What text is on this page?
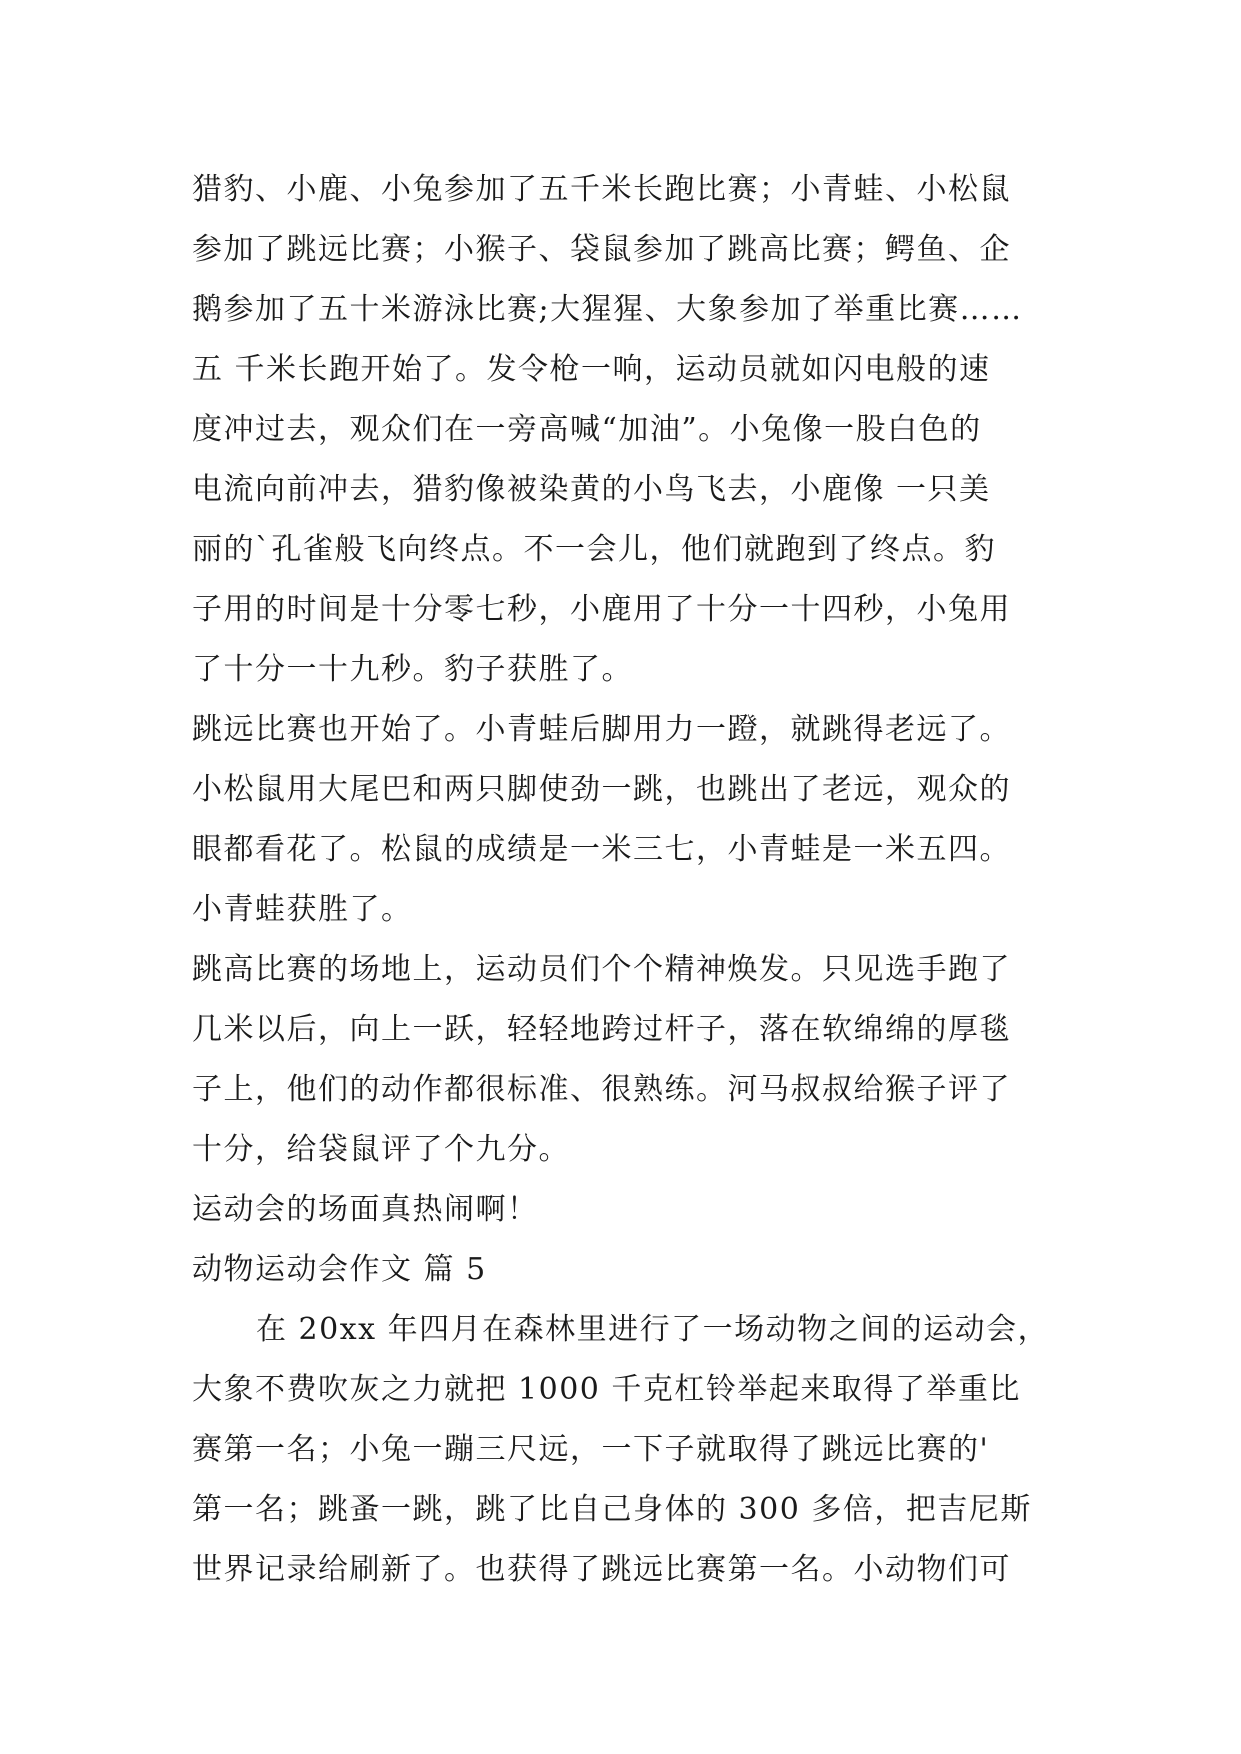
猎豹、小鹿、小兔参加了五千米长跑比赛；小青蛙、小松鼠
参加了跳远比赛；小猴子、袋鼠参加了跳高比赛；鳄鱼、企
鹅参加了五十米游泳比赛;大猩猩、大象参加了举重比赛……
五 千米长跑开始了。发令枪一响，运动员就如闪电般的速
度冲过去，观众们在一旁高喊“加油”。小兔像一股白色的
电流向前冲去，猎豹像被染黄的小鸟飞去，小鹿像 一只美
丽的`孔雀般飞向终点。不一会儿，他们就跑到了终点。豹
子用的时间是十分零七秒，小鹿用了十分一十四秒，小兔用
了十分一十九秒。豹子获胜了。
跳远比赛也开始了。小青蛙后脚用力一蹬，就跳得老远了。
小松鼠用大尾巴和两只脚使劲一跳，也跳出了老远，观众的
眼都看花了。松鼠的成绩是一米三七，小青蛙是一米五四。
小青蛙获胜了。
跳高比赛的场地上，运动员们个个精神焕发。只见选手跑了
几米以后，向上一跃，轻轻地跨过杆子，落在软绵绵的厚毯
子上，他们的动作都很标准、很熟练。河马叔叔给猴子评了
十分，给袋鼠评了个九分。
运动会的场面真热闹啊！
动物运动会作文 篇 5
在 20xx 年四月在森林里进行了一场动物之间的运动会，
大象不费吹灰之力就把 1000 千克杠铃举起来取得了举重比
赛第一名；小兔一蹦三尺远，一下子就取得了跳远比赛的'
第一名；跳蚤一跳，跳了比自己身体的 300 多倍，把吉尼斯
世界记录给刷新了。也获得了跳远比赛第一名。小动物们可
